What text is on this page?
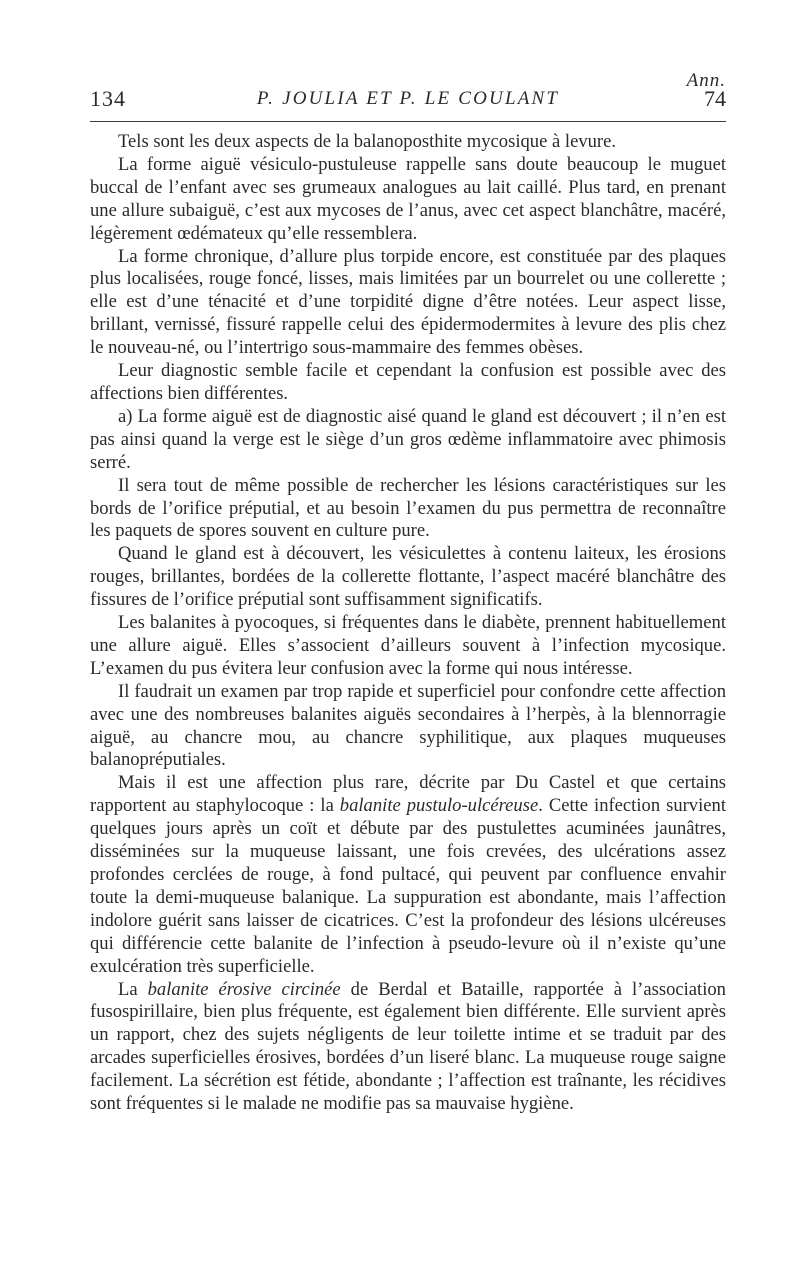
Ann.
134	P. JOULIA ET P. LE COULANT	74

Tels sont les deux aspects de la balanoposthite mycosique à levure.

La forme aiguë vésiculo-pustuleuse rappelle sans doute beaucoup le muguet buccal de l’enfant avec ses grumeaux analogues au lait caillé. Plus tard, en prenant une allure subaiguë, c’est aux mycoses de l’anus, avec cet aspect blanchâtre, macéré, légèrement œdémateux qu’elle ressemblera.

La forme chronique, d’allure plus torpide encore, est constituée par des plaques plus localisées, rouge foncé, lisses, mais limitées par un bourrelet ou une collerette ; elle est d’une ténacité et d’une torpidité digne d’être notées. Leur aspect lisse, brillant, vernissé, fissuré rappelle celui des épidermodermites à levure des plis chez le nouveau-né, ou l’intertrigo sous-mammaire des femmes obèses.

Leur diagnostic semble facile et cependant la confusion est possible avec des affections bien différentes.

a) La forme aiguë est de diagnostic aisé quand le gland est découvert ; il n’en est pas ainsi quand la verge est le siège d’un gros œdème inflammatoire avec phimosis serré.

Il sera tout de même possible de rechercher les lésions caractéristiques sur les bords de l’orifice préputial, et au besoin l’examen du pus permettra de reconnaître les paquets de spores souvent en culture pure.

Quand le gland est à découvert, les vésiculettes à contenu laiteux, les érosions rouges, brillantes, bordées de la collerette flottante, l’aspect macéré blanchâtre des fissures de l’orifice préputial sont suffisamment significatifs.

Les balanites à pyocoques, si fréquentes dans le diabète, prennent habituellement une allure aiguë. Elles s’associent d’ailleurs souvent à l’infection mycosique. L’examen du pus évitera leur confusion avec la forme qui nous intéresse.

Il faudrait un examen par trop rapide et superficiel pour confondre cette affection avec une des nombreuses balanites aiguës secondaires à l’herpès, à la blennorragie aiguë, au chancre mou, au chancre syphilitique, aux plaques muqueuses balanopréputiales.

Mais il est une affection plus rare, décrite par Du Castel et que certains rapportent au staphylocoque : la balanite pustulo-ulcéreuse. Cette infection survient quelques jours après un coït et débute par des pustulettes acuminées jaunâtres, disséminées sur la muqueuse laissant, une fois crevées, des ulcérations assez profondes cerclées de rouge, à fond pultacé, qui peuvent par confluence envahir toute la demi-muqueuse balanique. La suppuration est abondante, mais l’affection indolore guérit sans laisser de cicatrices. C’est la profondeur des lésions ulcéreuses qui différencie cette balanite de l’infection à pseudo-levure où il n’existe qu’une exulcération très superficielle.

La balanite érosive circinée de Berdal et Bataille, rapportée à l’association fusospirillaire, bien plus fréquente, est également bien différente. Elle survient après un rapport, chez des sujets négligents de leur toilette intime et se traduit par des arcades superficielles érosives, bordées d’un liseré blanc. La muqueuse rouge saigne facilement. La sécrétion est fétide, abondante ; l’affection est traînante, les récidives sont fréquentes si le malade ne modifie pas sa mauvaise hygiène.
